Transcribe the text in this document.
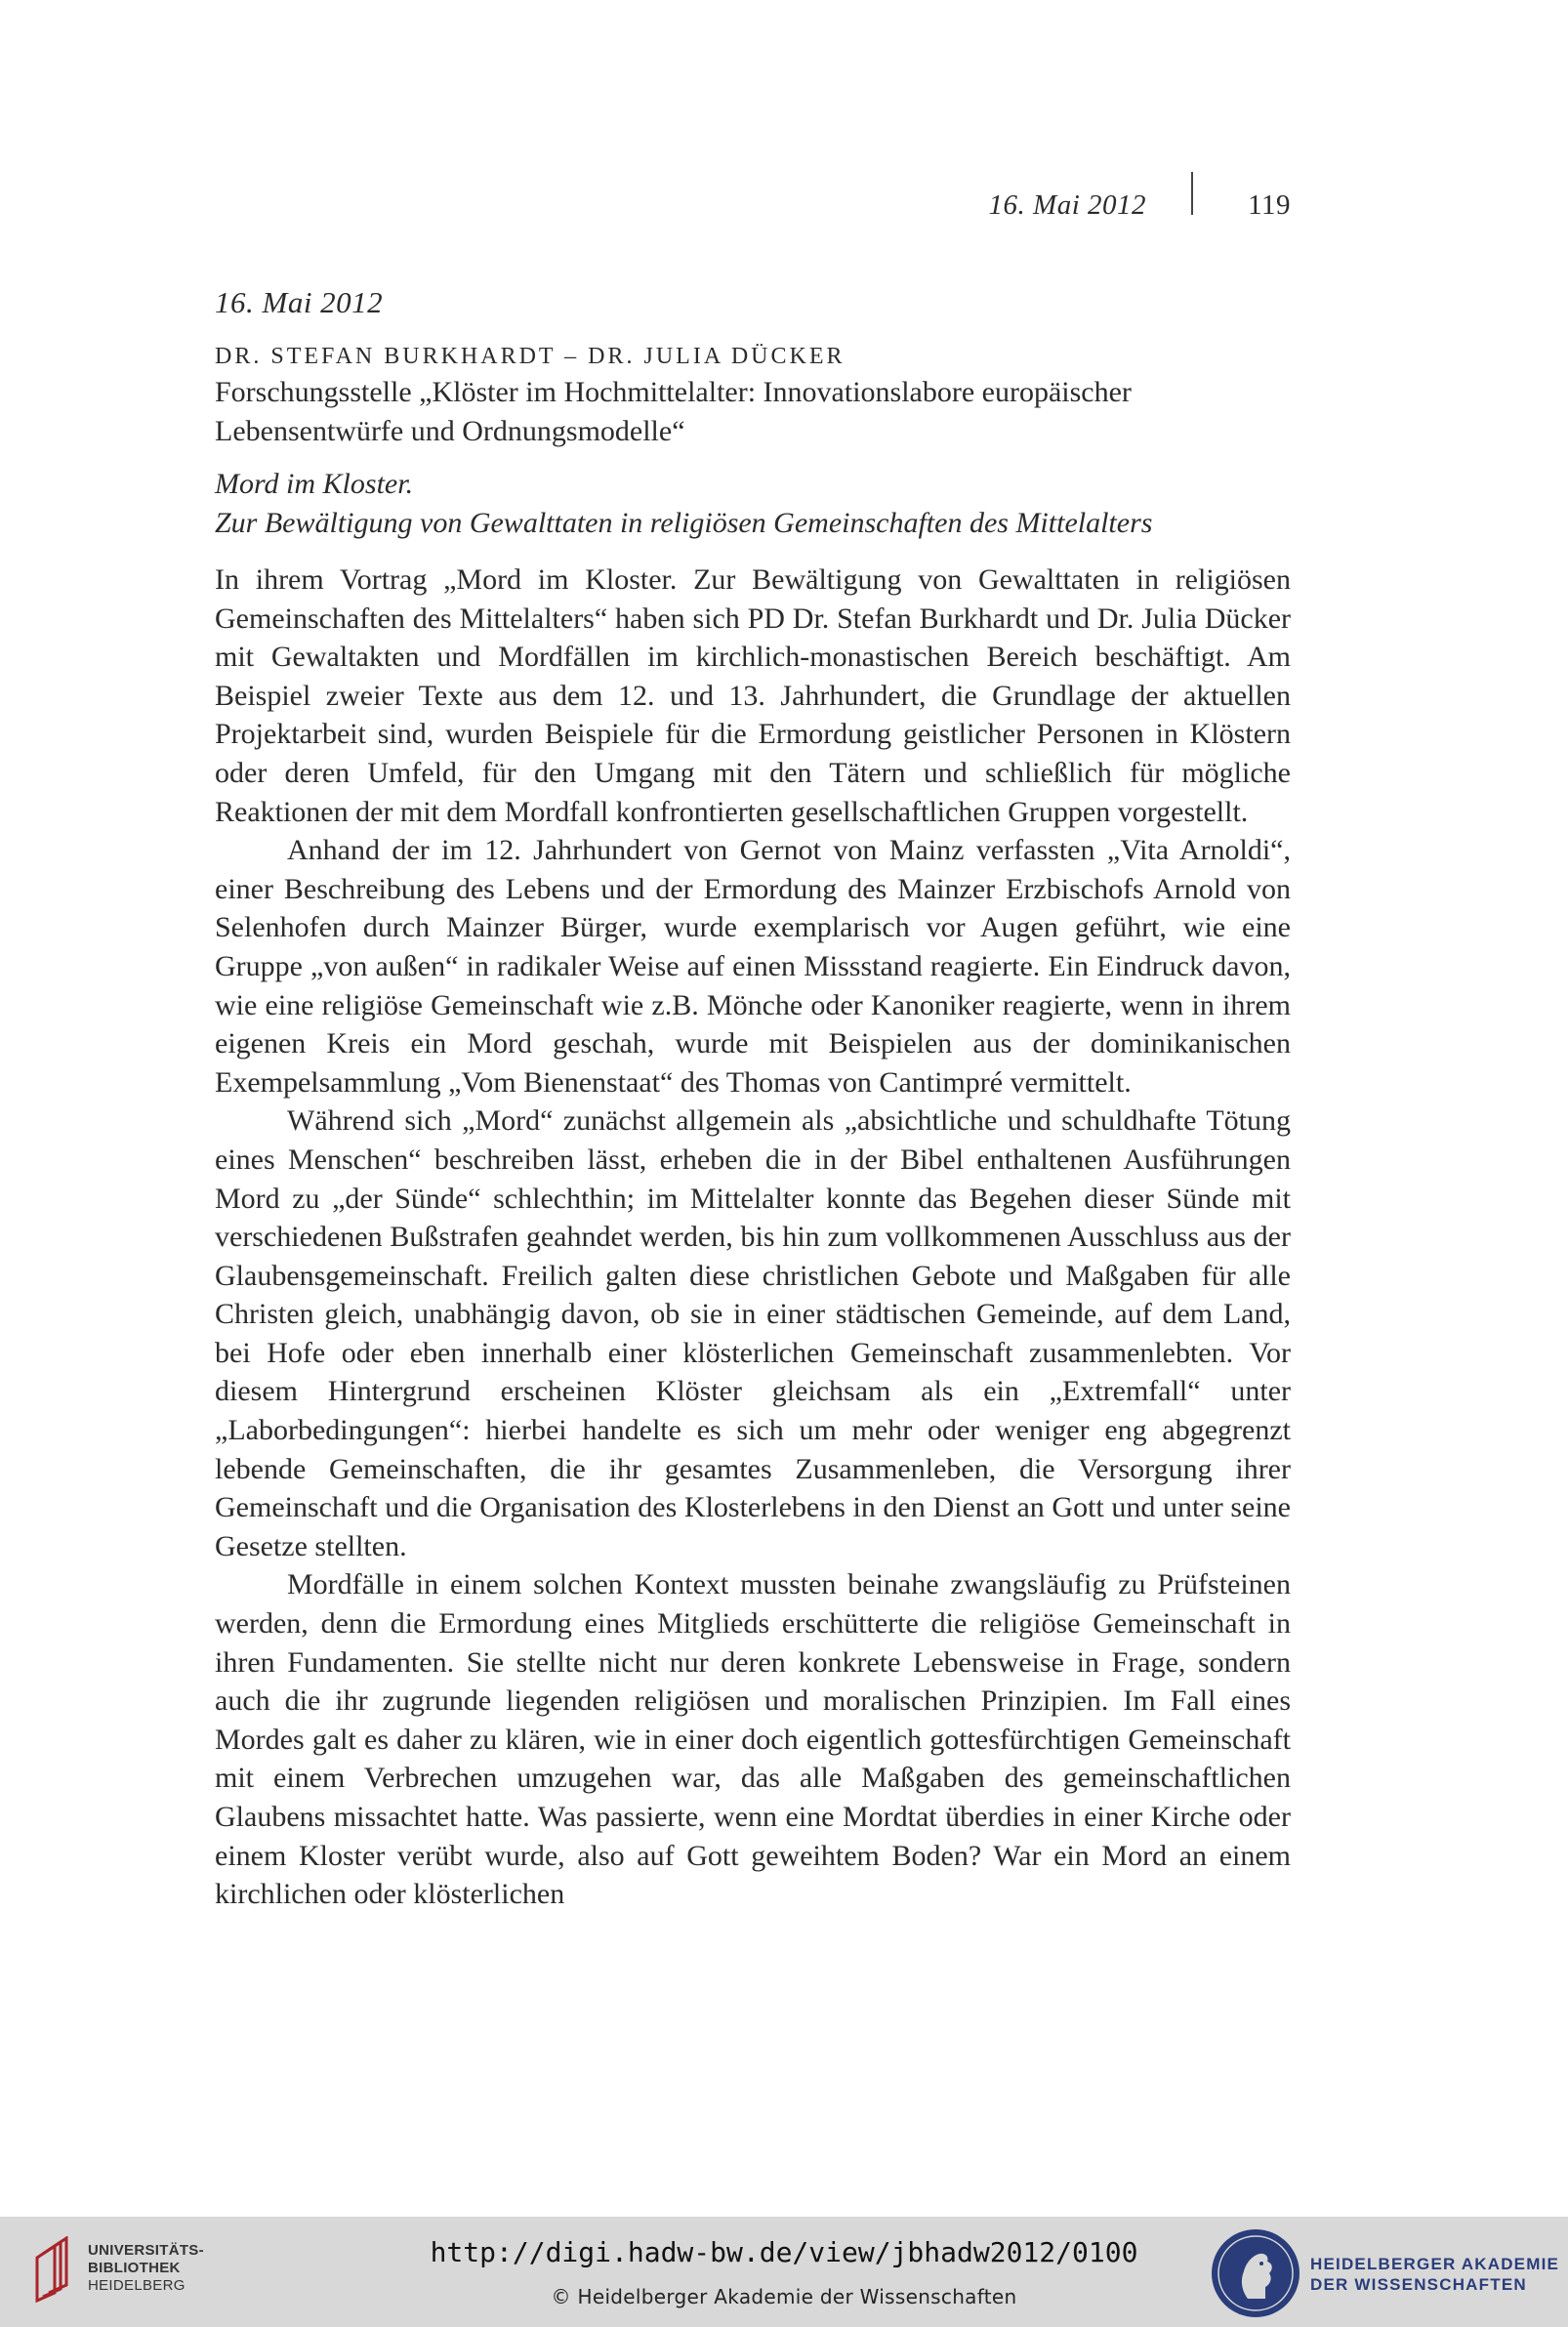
16. Mai 2012	119
16. Mai 2012
DR. STEFAN BURKHARDT – DR. JULIA DÜCKER
Forschungsstelle „Klöster im Hochmittelalter: Innovationslabore europäischer Lebensentwürfe und Ordnungsmodelle“
Mord im Kloster.
Zur Bewältigung von Gewalttaten in religiösen Gemeinschaften des Mittelalters

In ihrem Vortrag „Mord im Kloster. Zur Bewältigung von Gewalttaten in religiösen Gemeinschaften des Mittelalters“ haben sich PD Dr. Stefan Burkhardt und Dr. Julia Dücker mit Gewaltakten und Mordfällen im kirchlich-monastischen Bereich beschäftigt. Am Beispiel zweier Texte aus dem 12. und 13. Jahrhundert, die Grundlage der aktuellen Projektarbeit sind, wurden Beispiele für die Ermordung geistlicher Personen in Klöstern oder deren Umfeld, für den Umgang mit den Tätern und schließlich für mögliche Reaktionen der mit dem Mordfall konfrontierten gesellschaftlichen Gruppen vorgestellt.

Anhand der im 12. Jahrhundert von Gernot von Mainz verfassten „Vita Arnoldi“, einer Beschreibung des Lebens und der Ermordung des Mainzer Erzbischofs Arnold von Selenhofen durch Mainzer Bürger, wurde exemplarisch vor Augen geführt, wie eine Gruppe „von außen“ in radikaler Weise auf einen Missstand reagierte. Ein Eindruck davon, wie eine religiöse Gemeinschaft wie z.B. Mönche oder Kanoniker reagierte, wenn in ihrem eigenen Kreis ein Mord geschah, wurde mit Beispielen aus der dominikanischen Exempelsammlung „Vom Bienenstaat“ des Thomas von Cantimpré vermittelt.

Während sich „Mord“ zunächst allgemein als „absichtliche und schuldhafte Tötung eines Menschen“ beschreiben lässt, erheben die in der Bibel enthaltenen Ausführungen Mord zu „der Sünde“ schlechthin; im Mittelalter konnte das Begehen dieser Sünde mit verschiedenen Bußstrafen geahndet werden, bis hin zum vollkommenen Ausschluss aus der Glaubensgemeinschaft. Freilich galten diese christlichen Gebote und Maßgaben für alle Christen gleich, unabhängig davon, ob sie in einer städtischen Gemeinde, auf dem Land, bei Hofe oder eben innerhalb einer klösterlichen Gemeinschaft zusammenlebten. Vor diesem Hintergrund erscheinen Klöster gleichsam als ein „Extremfall“ unter „Laborbedingungen“: hierbei handelte es sich um mehr oder weniger eng abgegrenzt lebende Gemeinschaften, die ihr gesamtes Zusammenleben, die Versorgung ihrer Gemeinschaft und die Organisation des Klosterlebens in den Dienst an Gott und unter seine Gesetze stellten.

Mordfälle in einem solchen Kontext mussten beinahe zwangsläufig zu Prüfsteinen werden, denn die Ermordung eines Mitglieds erschütterte die religiöse Gemeinschaft in ihren Fundamenten. Sie stellte nicht nur deren konkrete Lebensweise in Frage, sondern auch die ihr zugrunde liegenden religiösen und moralischen Prinzipien. Im Fall eines Mordes galt es daher zu klären, wie in einer doch eigentlich gottesfürchtigen Gemeinschaft mit einem Verbrechen umzugehen war, das alle Maßgaben des gemeinschaftlichen Glaubens missachtet hatte. Was passierte, wenn eine Mordtat überdies in einer Kirche oder einem Kloster verübt wurde, also auf Gott geweihtem Boden? War ein Mord an einem kirchlichen oder klösterlichen

UNIVERSITÄTS-
BIBLIOTHEK
HEIDELBERG
http://digi.hadw-bw.de/view/jbhadw2012/0100
© Heidelberger Akademie der Wissenschaften
HEIDELBERGER AKADEMIE
DER WISSENSCHAFTEN
